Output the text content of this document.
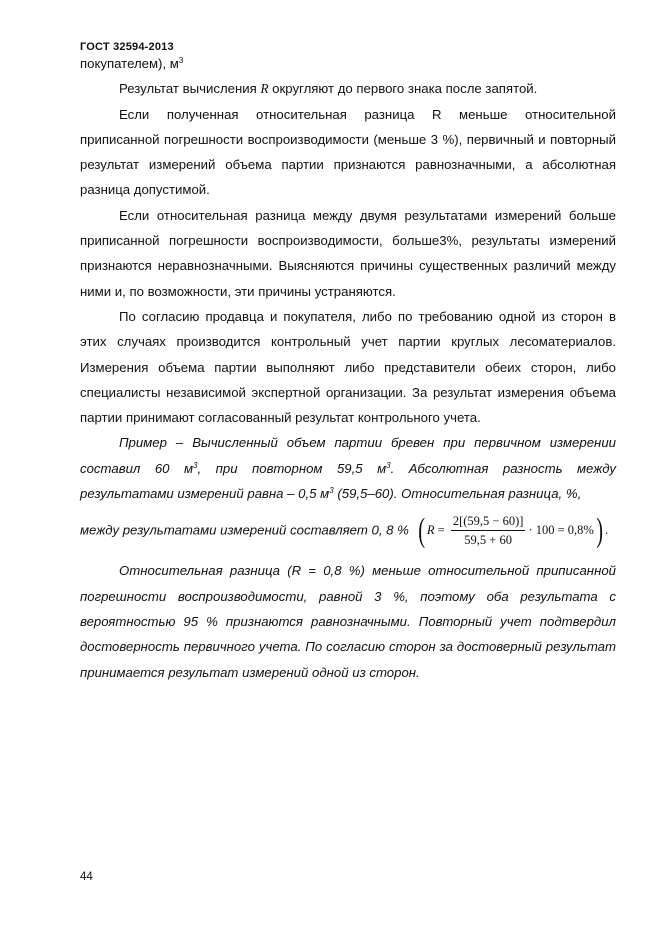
ГОСТ 32594-2013

покупателем), $м^3$

Результат вычисления R округляют до первого знака после запятой.

Если полученная относительная разница R меньше относительной приписанной погрешности воспроизводимости (меньше 3 %), первичный и повторный результат измерений объема партии признаются равнозначными, а абсолютная разница допустимой.

Если относительная разница между двумя результатами измерений больше приписанной погрешности воспроизводимости, больше3%, результаты измерений признаются неравнозначными. Выясняются причины существенных различий между ними и, по возможности, эти причины устраняются.

По согласию продавца и покупателя, либо по требованию одной из сторон в этих случаях производится контрольный учет партии круглых лесоматериалов. Измерения объема партии выполняют либо представители обеих сторон, либо специалисты независимой экспертной организации. За результат измерения объема партии принимают согласованный результат контрольного учета.

Пример – Вычисленный объем партии бревен при первичном измерении составил 60 $м^3$, при повторном 59,5 $м^3$. Абсолютная разность между результатами измерений равна – 0,5 $м^3$ (59,5–60). Относительная разница, %,

между результатами измерений составляет 0, 8 % ( $R = \frac{2[(59,5 - 60)]}{59,5 + 60} \cdot 100 = 0,8\%$) .

Относительная разница (R = 0,8 %) меньше относительной приписанной погрешности воспроизводимости, равной 3 %, поэтому оба результата с вероятностью 95 % признаются равнозначными. Повторный учет подтвердил достоверность первичного учета. По согласию сторон за достоверный результат принимается результат измерений одной из сторон.

44
